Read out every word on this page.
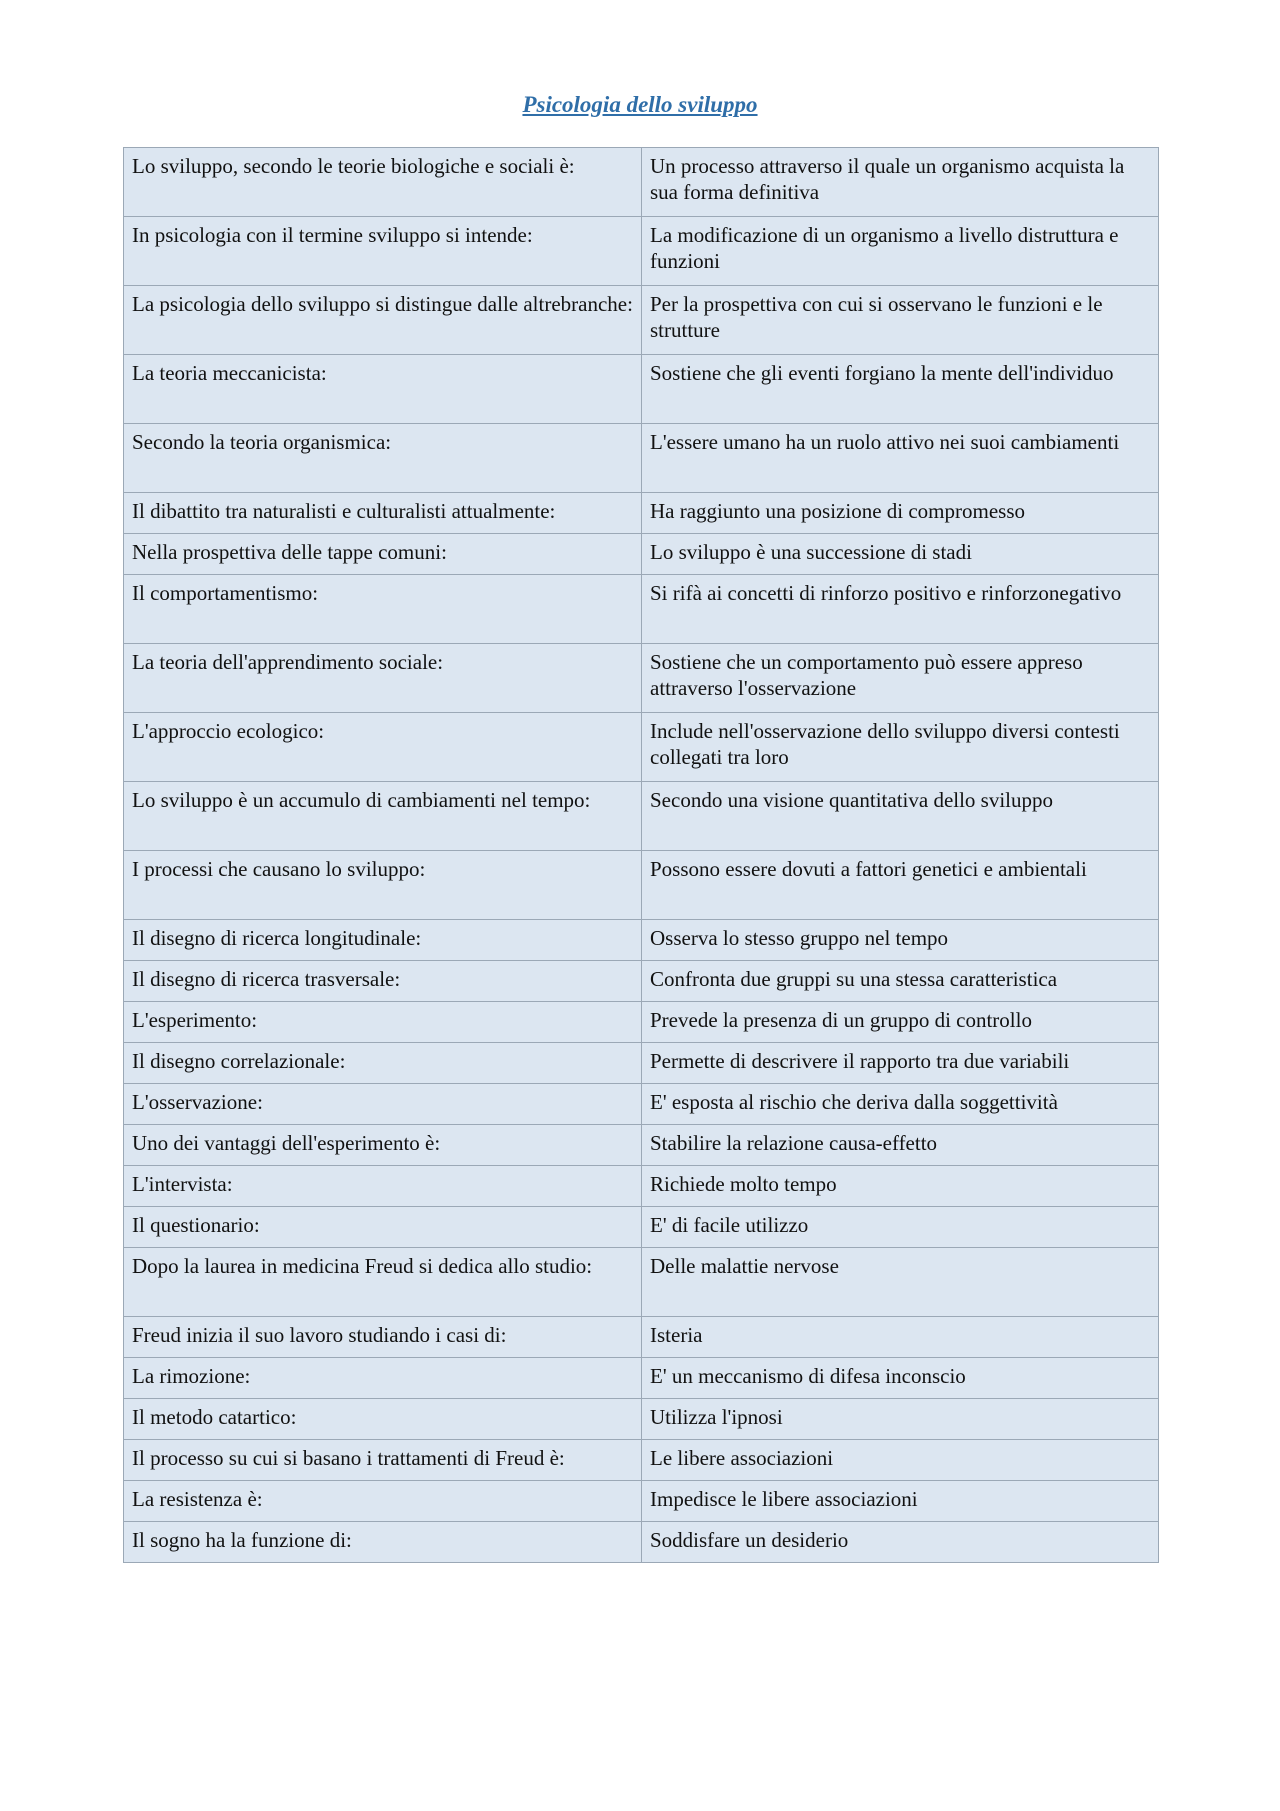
Psicologia dello sviluppo
Lo sviluppo, secondo le teorie biologiche e sociali è:	Un processo attraverso il quale un organismo acquista la sua forma definitiva
In psicologia con il termine sviluppo si intende:	La modificazione di un organismo a livello distruttura e funzioni
La psicologia dello sviluppo si distingue dalle altrebranche:	Per la prospettiva con cui si osservano le funzioni e le strutture
La teoria meccanicista:	Sostiene che gli eventi forgiano la mente dell'individuo
Secondo la teoria organismica:	L'essere umano ha un ruolo attivo nei suoi cambiamenti
Il dibattito tra naturalisti e culturalisti attualmente:	Ha raggiunto una posizione di compromesso
Nella prospettiva delle tappe comuni:	Lo sviluppo è una successione di stadi
Il comportamentismo:	Si rifà ai concetti di rinforzo positivo e rinforzonegativo
La teoria dell'apprendimento sociale:	Sostiene che un comportamento può essere appreso attraverso l'osservazione
L'approccio ecologico:	Include nell'osservazione dello sviluppo diversi contesti collegati tra loro
Lo sviluppo è un accumulo di cambiamenti nel tempo:	Secondo una visione quantitativa dello sviluppo
I processi che causano lo sviluppo:	Possono essere dovuti a fattori genetici e ambientali
Il disegno di ricerca longitudinale:	Osserva lo stesso gruppo nel tempo
Il disegno di ricerca trasversale:	Confronta due gruppi su una stessa caratteristica
L'esperimento:	Prevede la presenza di un gruppo di controllo
Il disegno correlazionale:	Permette di descrivere il rapporto tra due variabili
L'osservazione:	E' esposta al rischio che deriva dalla soggettività
Uno dei vantaggi dell'esperimento è:	Stabilire la relazione causa-effetto
L'intervista:	Richiede molto tempo
Il questionario:	E' di facile utilizzo
Dopo la laurea in medicina Freud si dedica allo studio:	Delle malattie nervose
Freud inizia il suo lavoro studiando i casi di:	Isteria
La rimozione:	E' un meccanismo di difesa inconscio
Il metodo catartico:	Utilizza l'ipnosi
Il processo su cui si basano i trattamenti di Freud è:	Le libere associazioni
La resistenza è:	Impedisce le libere associazioni
Il sogno ha la funzione di:	Soddisfare un desiderio
